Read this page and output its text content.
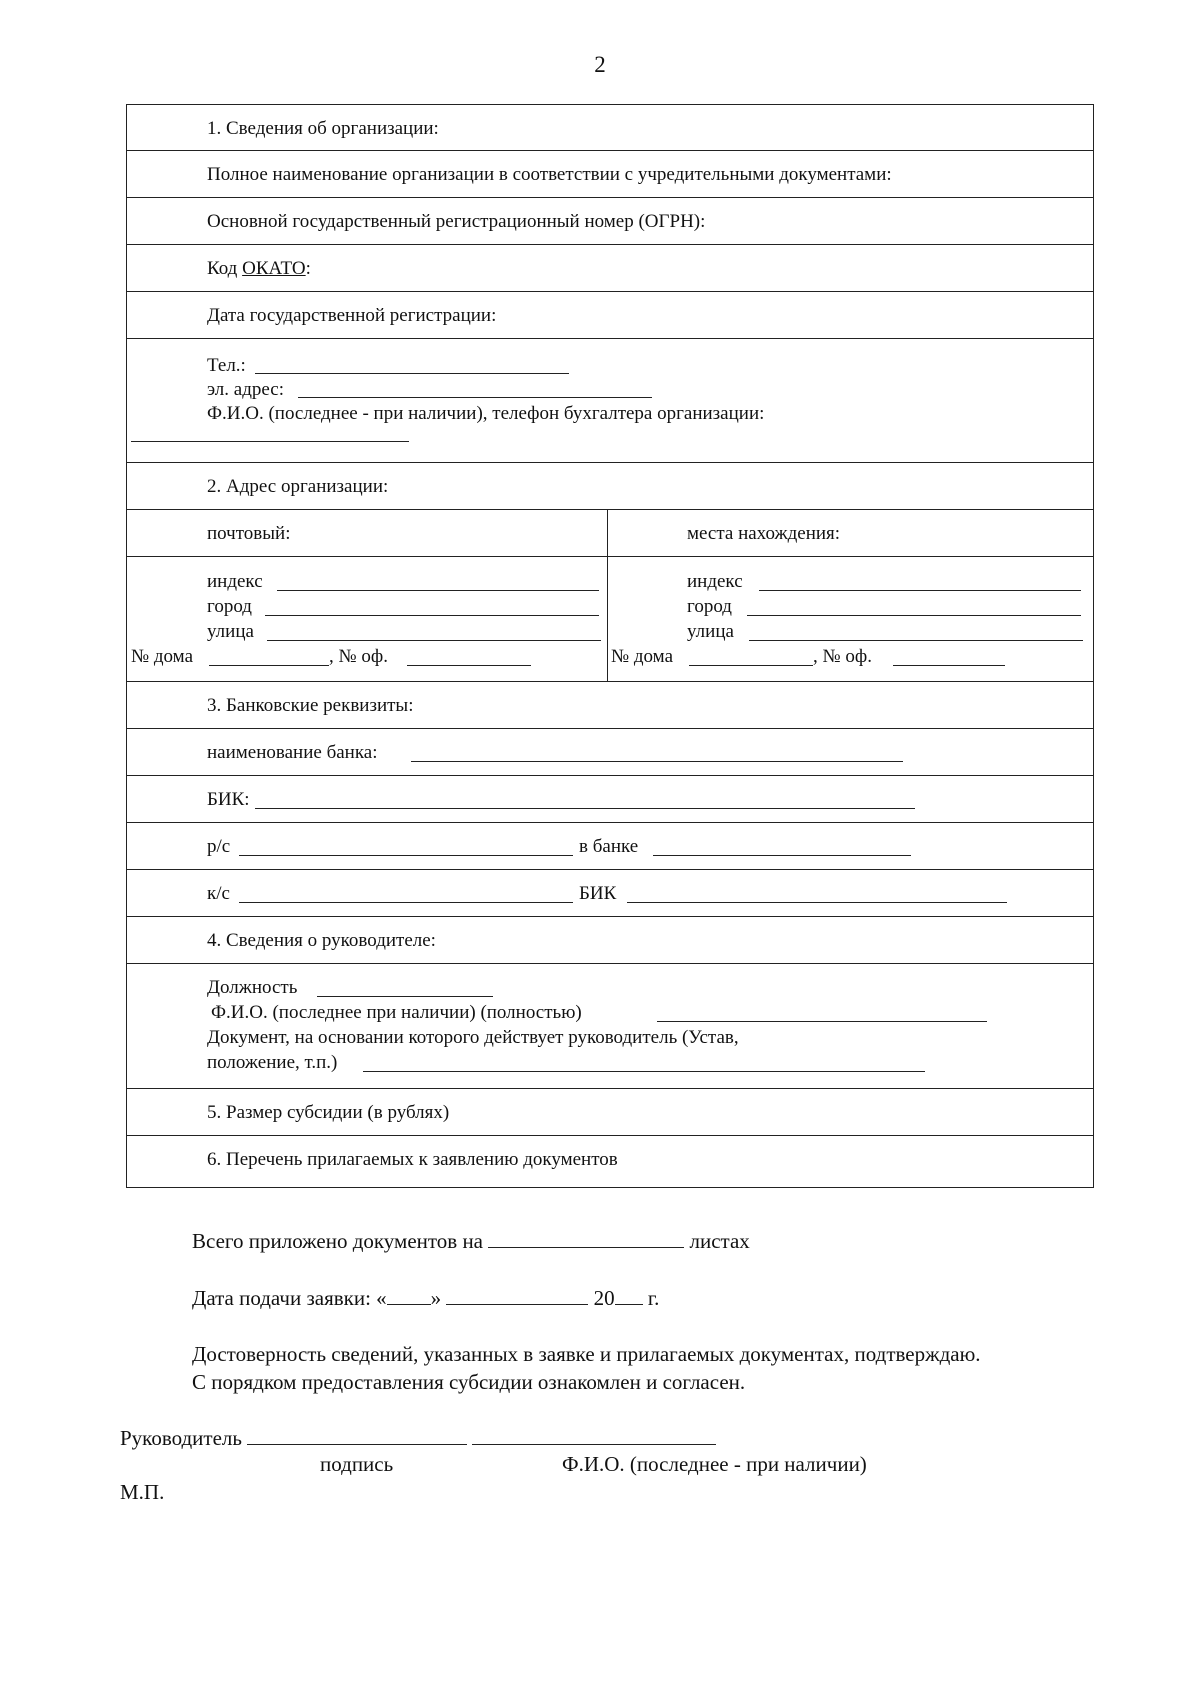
2
1. Сведения об организации:
Полное наименование организации в соответствии с учредительными документами:
Основной государственный регистрационный номер (ОГРН):
Код ОКАТО:
Дата государственной регистрации:
Тел.:
эл. адрес:
Ф.И.О. (последнее - при наличии), телефон бухгалтера организации:
2. Адрес организации:
почтовый:	места нахождения:
индекс
город
улица
№ дома	, № оф.
индекс
город
улица
№ дома	, № оф.
3. Банковские реквизиты:
наименование банка:
БИК:
р/с	в банке
к/с	БИК
4. Сведения о руководителе:
Должность
Ф.И.О. (последнее при наличии) (полностью)
Документ, на основании которого действует руководитель (Устав,
положение, т.п.)
5. Размер субсидии (в рублях)
6. Перечень прилагаемых к заявлению документов
Всего приложено документов на	листах
Дата подачи заявки: « »	20 г.
Достоверность сведений, указанных в заявке и прилагаемых документах, подтверждаю.
С порядком предоставления субсидии ознакомлен и согласен.
Руководитель
подпись	Ф.И.О. (последнее - при наличии)
М.П.
